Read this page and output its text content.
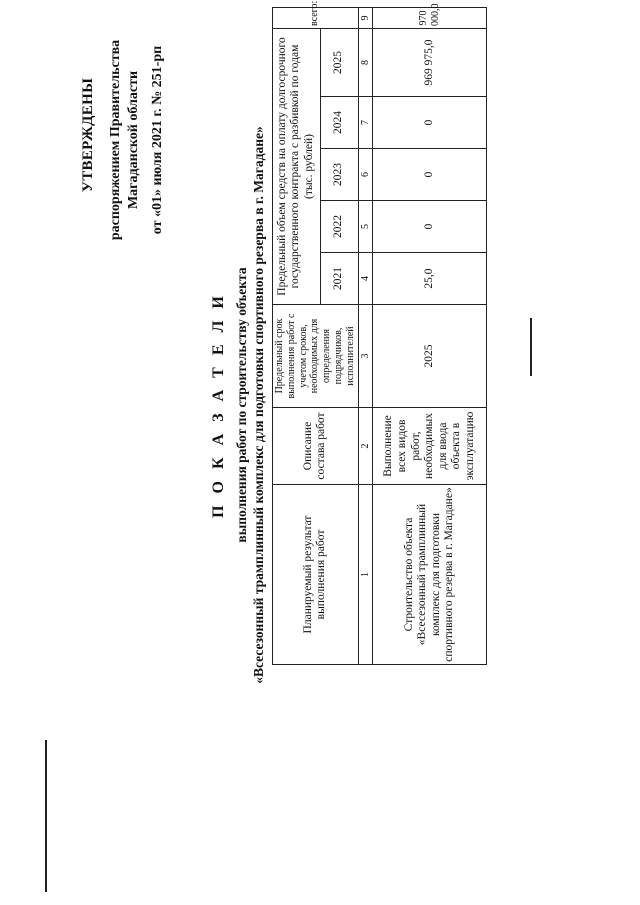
УТВЕРЖДЕНЫ распоряжением Правительства Магаданской области от «01» июля 2021 г. № 251-рп
П О К А З А Т Е Л И выполнения работ по строительству объекта «Всесезонный трамплинный комплекс для подготовки спортивного резерва в г. Магадане»	Планируемый результат выполнения работ	Описание состава работ	Предельный срок выполнения работ с учетом сроков, необходимых для определения подрядчиков, исполнителей	Предельный объем средств на оплату долгосрочного государственного контракта с разбивкой по годам (тыс. рублей)					всего:
			2021	2022	2023	2024	2025	
1	2	3	4	5	6	7	8	9
Строительство объекта «Всесезонный трамплинный комплекс для подготовки спортивного резерва в г. Магадане»	Выполнение всех видов работ, необходимых для ввода объекта в эксплуатацию	2025	25,0	0	0	0	969 975,0	970 000,0
